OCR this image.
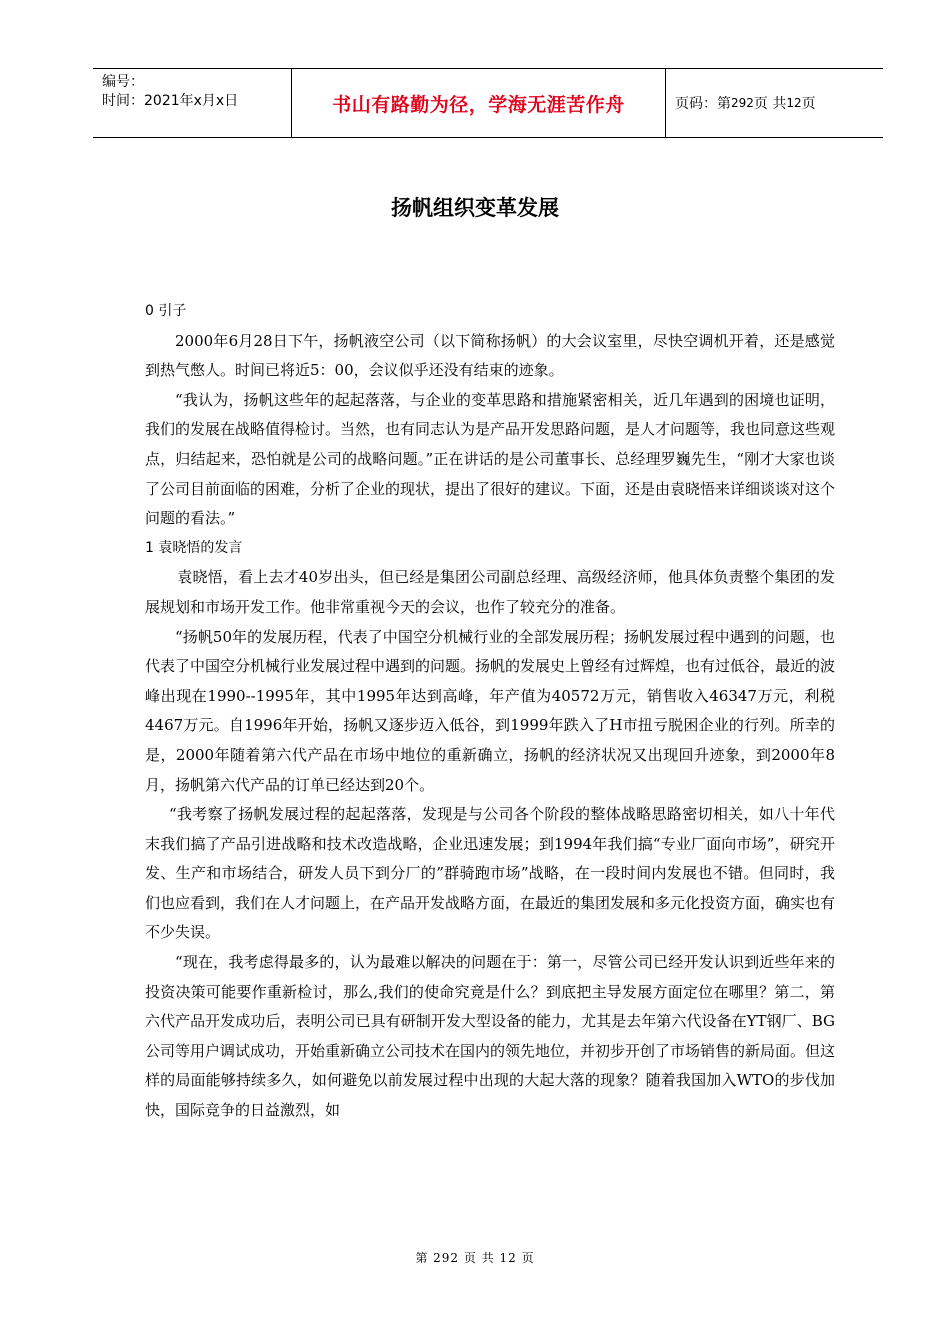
编号：
时间：2021年x月x日	书山有路勤为径，学海无涯苦作舟	页码：第 292 页 共 12 页
扬帆组织变革发展
0 引子

2000年6月28日下午，扬帆液空公司（以下简称扬帆）的大会议室里，尽快空调机开着，还是感觉到热气憋人。时间已将近5：00，会议似乎还没有结束的迹象。

“我认为，扬帆这些年的起起落落，与企业的变革思路和措施紧密相关，近几年遇到的困境也证明，我们的发展在战略值得检讨。当然，也有同志认为是产品开发思路问题，是人才问题等，我也同意这些观点，归结起来，恐怕就是公司的战略问题。”正在讲话的是公司董事长、总经理罗巍先生，“刚才大家也谈了公司目前面临的困难，分析了企业的现状，提出了很好的建议。下面，还是由袁晓悟来详细谈谈对这个问题的看法。”

1 袁晓悟的发言

袁晓悟，看上去才40岁出头，但已经是集团公司副总经理、高级经济师，他具体负责整个集团的发展规划和市场开发工作。他非常重视今天的会议，也作了较充分的准备。

“扬帆50年的发展历程，代表了中国空分机械行业的全部发展历程；扬帆发展过程中遇到的问题，也代表了中国空分机械行业发展过程中遇到的问题。扬帆的发展史上曾经有过辉煌，也有过低谷，最近的波峰出现在1990--1995年，其中1995年达到高峰，年产值为40572万元，销售收入46347万元，利税4467万元。自1996年开始，扬帆又逐步迈入低谷，到1999年跌入了H市扭亏脱困企业的行列。所幸的是，2000年随着第六代产品在市场中地位的重新确立，扬帆的经济状况又出现回升迹象，到2000年8月，扬帆第六代产品的订单已经达到20个。

“我考察了扬帆发展过程的起起落落，发现是与公司各个阶段的整体战略思路密切相关，如八十年代末我们搞了产品引进战略和技术改造战略，企业迅速发展；到1994年我们搞“专业厂面向市场”，研究开发、生产和市场结合，研发人员下到分厂的”群骑跑市场”战略，在一段时间内发展也不错。但同时，我们也应看到，我们在人才问题上，在产品开发战略方面，在最近的集团发展和多元化投资方面，确实也有不少失误。

“现在，我考虑得最多的，认为最难以解决的问题在于：第一，尽管公司已经开发认识到近些年来的投资决策可能要作重新检讨，那么,我们的使命究竟是什么？到底把主导发展方面定位在哪里？第二，第六代产品开发成功后，表明公司已具有研制开发大型设备的能力，尤其是去年第六代设备在YT钢厂、BG公司等用户调试成功，开始重新确立公司技术在国内的领先地位，并初步开创了市场销售的新局面。但这样的局面能够持续多久，如何避免以前发展过程中出现的大起大落的现象？随着我国加入WTO的步伐加快，国际竞争的日益激烈，如

第 292 页 共 12 页
